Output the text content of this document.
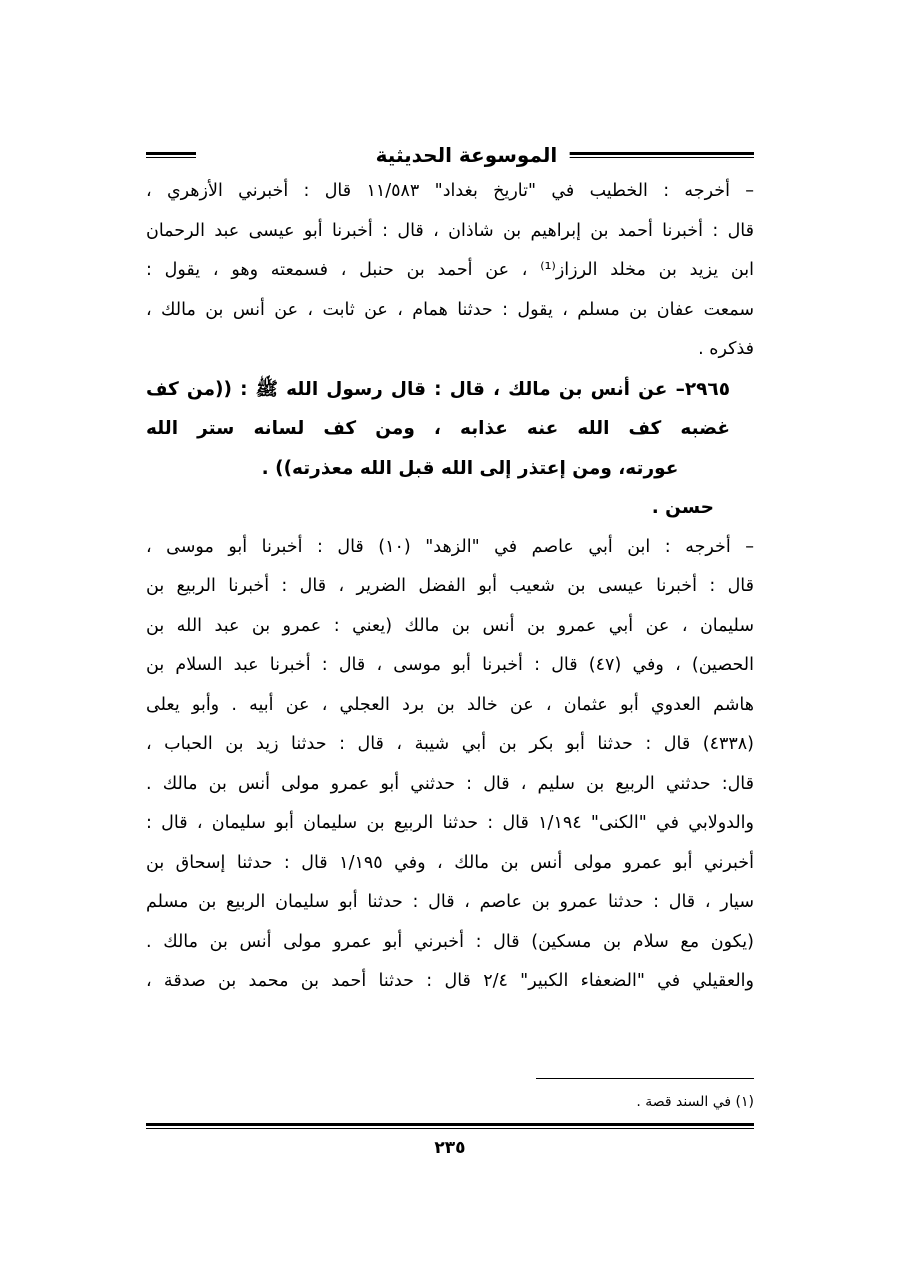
الموسوعة الحديثية
– أخرجه : الخطيب في "تاريخ بغداد" ١١/٥٨٣ قال : أخبرني الأزهري ،
قال : أخبرنا أحمد بن إبراهيم بن شاذان ، قال : أخبرنا أبو عيسى عبد الرحمان
ابن يزيد بن مخلد الرزاز⁽¹⁾ ، عن أحمد بن حنبل ، فسمعته وهو ، يقول :
سمعت عفان بن مسلم ، يقول : حدثنا همام ، عن ثابت ، عن أنس بن مالك ،
فذكره .
٢٩٦٥– عن أنس بن مالك ، قال : قال رسول الله ﷺ : ((من كف
غضبه كف الله عنه عذابه ، ومن كف لسانه ستر الله
عورته، ومن إعتذر إلى الله قبل الله معذرته)) .
حسن .
– أخرجه : ابن أبي عاصم في "الزهد" (١٠) قال : أخبرنا أبو موسى ،
قال : أخبرنا عيسى بن شعيب أبو الفضل الضرير ، قال : أخبرنا الربيع بن
سليمان ، عن أبي عمرو بن أنس بن مالك (يعني : عمرو بن عبد الله بن
الحصين) ، وفي (٤٧) قال : أخبرنا أبو موسى ، قال : أخبرنا عبد السلام بن
هاشم العدوي أبو عثمان ، عن خالد بن برد العجلي ، عن أبيه . وأبو يعلى
(٤٣٣٨) قال : حدثنا أبو بكر بن أبي شيبة ، قال : حدثنا زيد بن الحباب ،
قال: حدثني الربيع بن سليم ، قال : حدثني أبو عمرو مولى أنس بن مالك .
والدولابي في "الكنى" ١/١٩٤ قال : حدثنا الربيع بن سليمان أبو سليمان ، قال :
أخبرني أبو عمرو مولى أنس بن مالك ، وفي ١/١٩٥ قال : حدثنا إسحاق بن
سيار ، قال : حدثنا عمرو بن عاصم ، قال : حدثنا أبو سليمان الربيع بن مسلم
(يكون مع سلام بن مسكين) قال : أخبرني أبو عمرو مولى أنس بن مالك .
والعقيلي في "الضعفاء الكبير" ٢/٤ قال : حدثنا أحمد بن محمد بن صدقة ،
(١) في السند قصة .
٢٣٥
